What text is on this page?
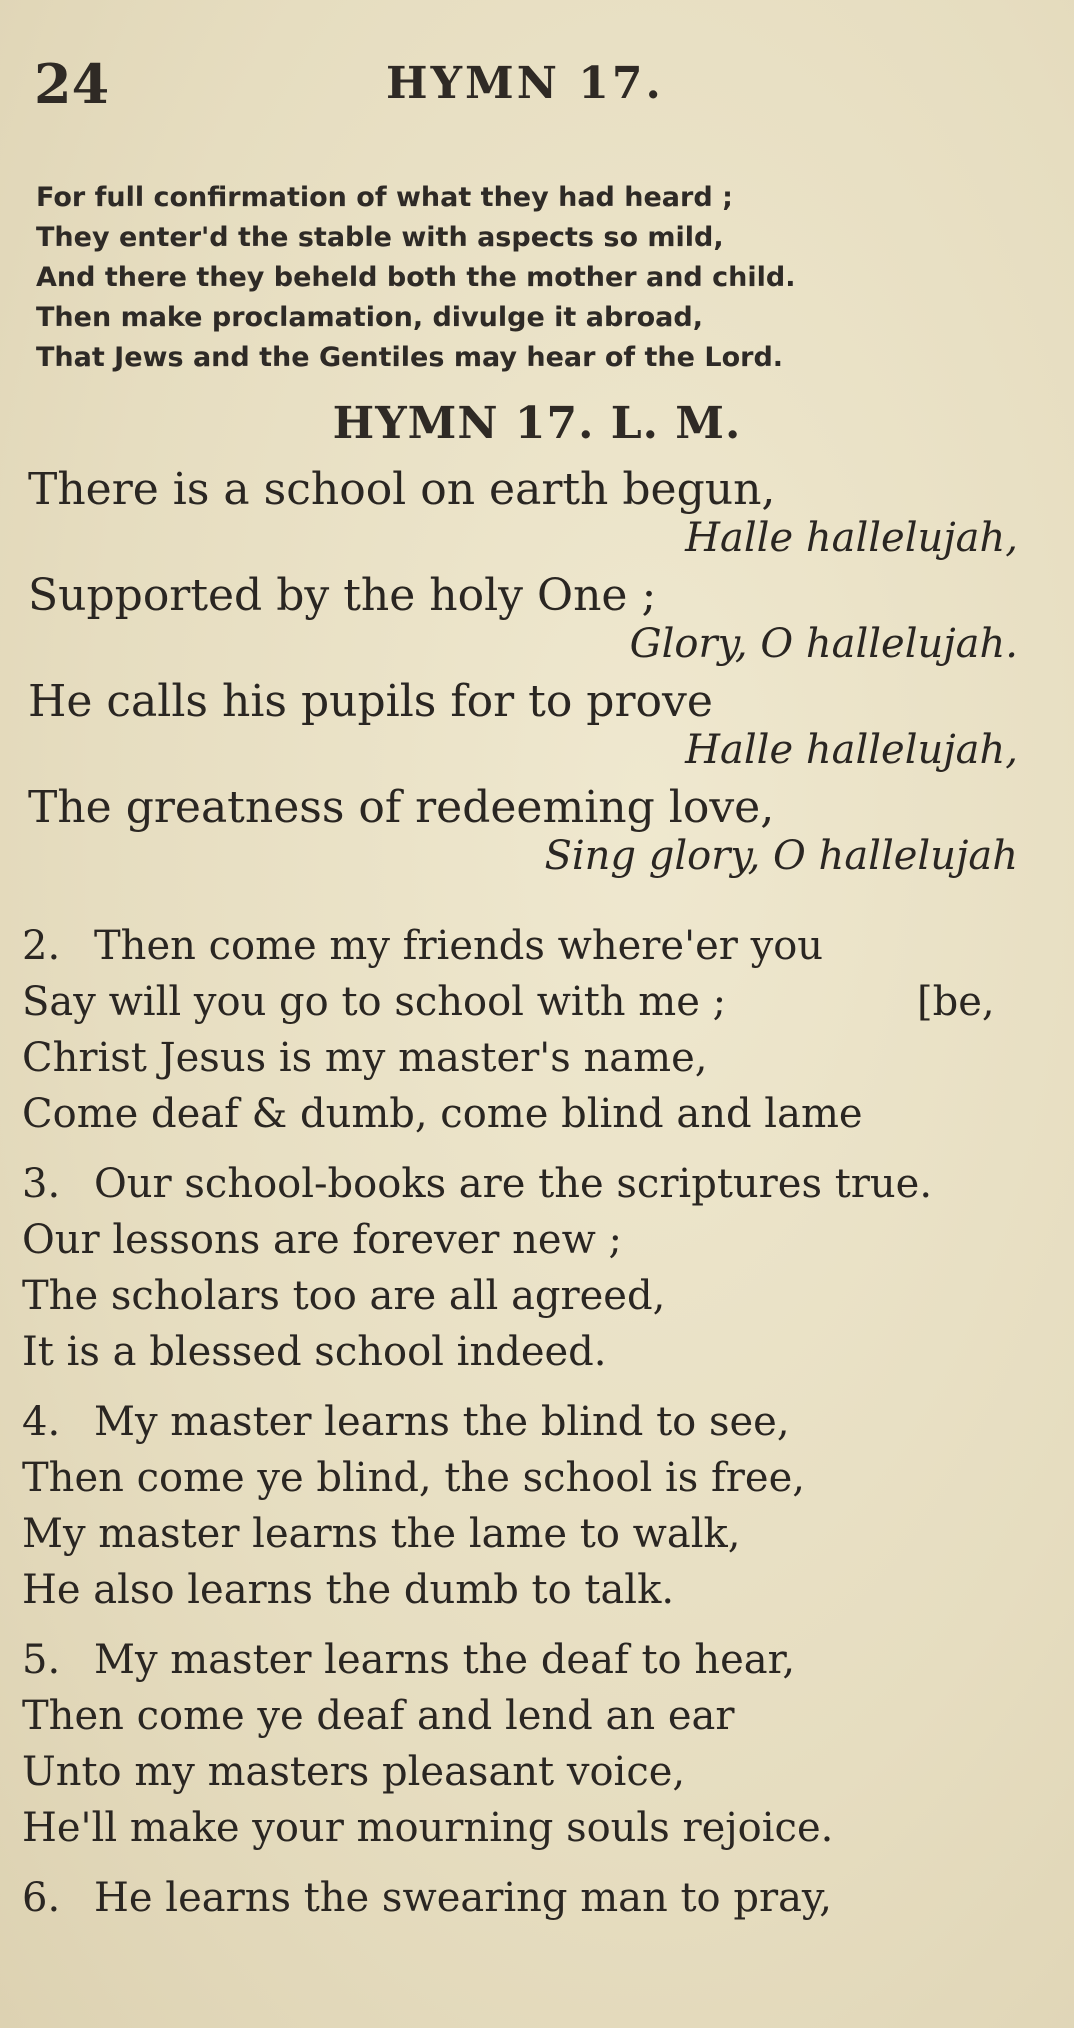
24	HYMN 17.
For full confirmation of what they had heard ;
They enter'd the stable with aspects so mild,
And there they beheld both the mother and child.
Then make proclamation, divulge it abroad,
That Jews and the Gentiles may hear of the Lord.
HYMN 17. L. M.
There is a school on earth begun,
Halle hallelujah,
Supported by the holy One ;
Glory, O hallelujah.
He calls his pupils for to prove
Halle hallelujah,
The greatness of redeeming love,
Sing glory, O hallelujah
2. Then come my friends where'er you
Say will you go to school with me ;	[be,
Christ Jesus is my master's name,
Come deaf & dumb, come blind and lame
3. Our school-books are the scriptures true.
Our lessons are forever new ;
The scholars too are all agreed,
It is a blessed school indeed.
4. My master learns the blind to see,
Then come ye blind, the school is free,
My master learns the lame to walk,
He also learns the dumb to talk.
5. My master learns the deaf to hear,
Then come ye deaf and lend an ear
Unto my masters pleasant voice,
He'll make your mourning souls rejoice.
6. He learns the swearing man to pray,
